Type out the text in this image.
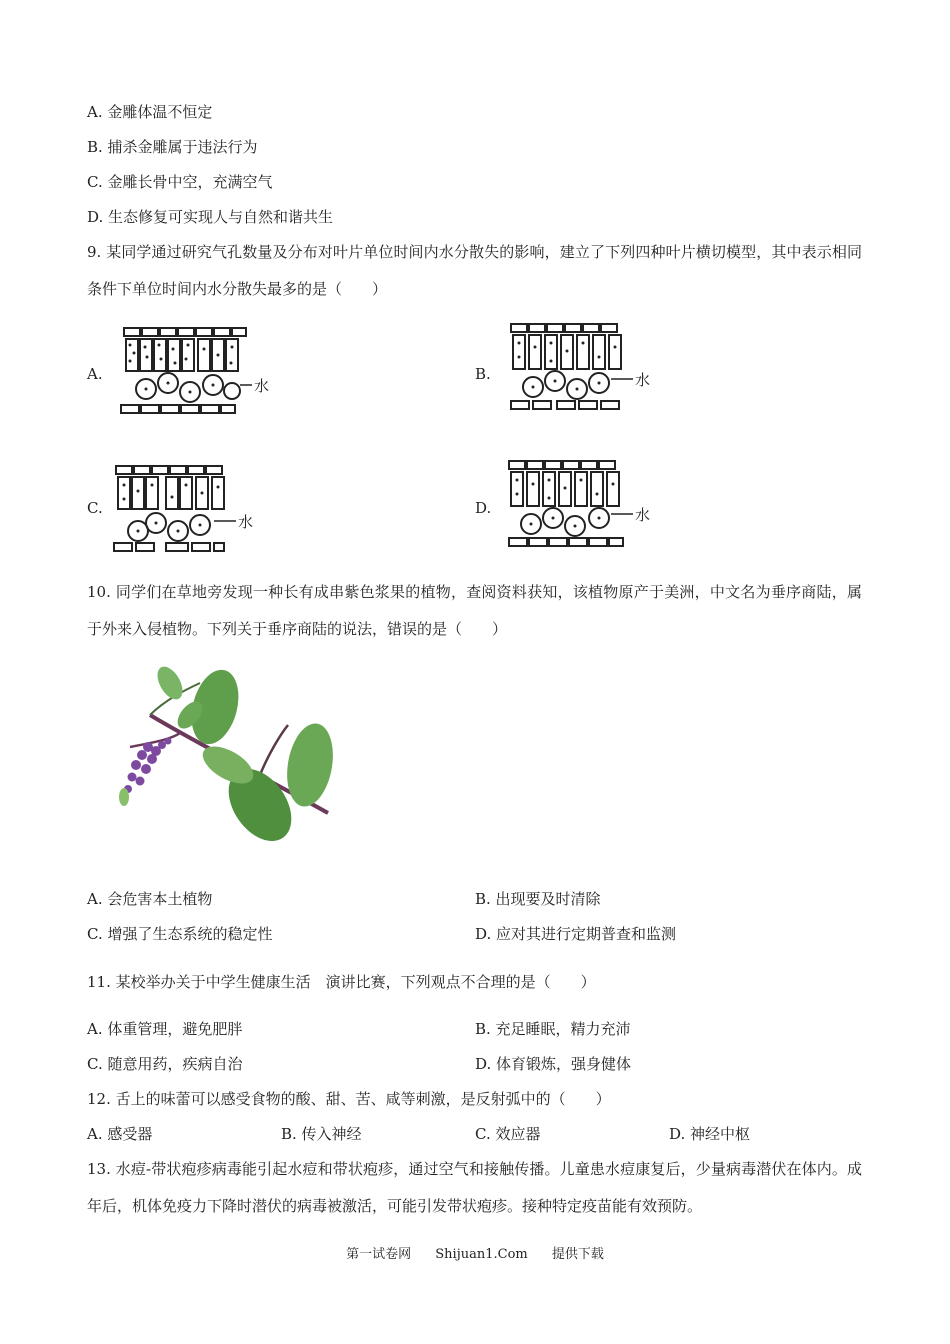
A. 金雕体温不恒定
B. 捕杀金雕属于违法行为
C. 金雕长骨中空，充满空气
D. 生态修复可实现人与自然和谐共生
9. 某同学通过研究气孔数量及分布对叶片单位时间内水分散失的影响，建立了下列四种叶片横切模型，其中表示相同条件下单位时间内水分散失最多的是（　　）
A.	B.
C.	D.
水	水
水	水
10. 同学们在草地旁发现一种长有成串紫色浆果的植物，查阅资料获知，该植物原产于美洲，中文名为垂序商陆，属于外来入侵植物。下列关于垂序商陆的说法，错误的是（　　）
A. 会危害本土植物	B. 出现要及时清除
C. 增强了生态系统的稳定性	D. 应对其进行定期普查和监测
11. 某校举办关于中学生健康生活　演讲比赛，下列观点不合理的是（　　）
A. 体重管理，避免肥胖	B. 充足睡眠，精力充沛
C. 随意用药，疾病自治	D. 体育锻炼，强身健体
12. 舌上的味蕾可以感受食物的酸、甜、苦、咸等刺激，是反射弧中的（　　）
A. 感受器	B. 传入神经	C. 效应器	D. 神经中枢
13. 水痘-带状疱疹病毒能引起水痘和带状疱疹，通过空气和接触传播。儿童患水痘康复后，少量病毒潜伏在体内。成年后，机体免疫力下降时潜伏的病毒被激活，可能引发带状疱疹。接种特定疫苗能有效预防。
第一试卷网 Shijuan1.Com 提供下载
